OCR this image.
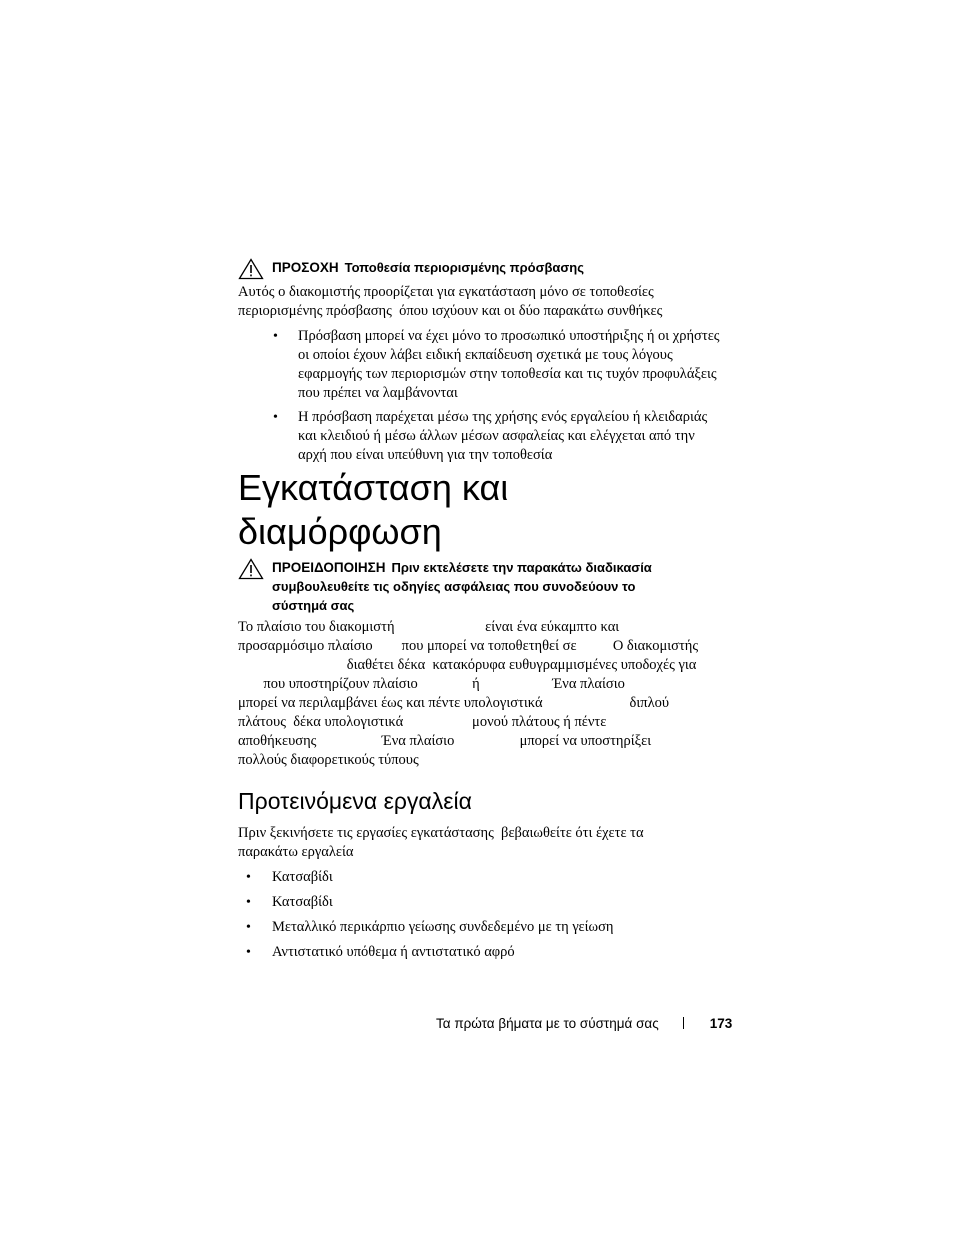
ΠΡΟΣΟΧΗ Τοποθεσία περιορισμένης πρόσβασης
Αυτός ο διακομιστής προορίζεται για εγκατάσταση μόνο σε τοποθεσίες
περιορισμένης πρόσβασης  όπου ισχύουν και οι δύο παρακάτω συνθήκες
• Πρόσβαση μπορεί να έχει μόνο το προσωπικό υποστήριξης ή οι χρήστες
οι οποίοι έχουν λάβει ειδική εκπαίδευση σχετικά με τους λόγους
εφαρμογής των περιορισμών στην τοποθεσία και τις τυχόν προφυλάξεις
που πρέπει να λαμβάνονται
• Η πρόσβαση παρέχεται μέσω της χρήσης ενός εργαλείου ή κλειδαριάς
και κλειδιού ή μέσω άλλων μέσων ασφαλείας και ελέγχεται από την
αρχή που είναι υπεύθυνη για την τοποθεσία
Εγκατάσταση και
διαμόρφωση
ΠΡΟΕΙΔΟΠΟΙΗΣΗ Πριν εκτελέσετε την παρακάτω διαδικασία
συμβουλευθείτε τις οδηγίες ασφάλειας που συνοδεύουν το
σύστημά σας
Το πλαίσιο του διακομιστή                         είναι ένα εύκαμπτο και
προσαρμόσιμο πλαίσιο        που μπορεί να τοποθετηθεί σε          Ο διακομιστής
διαθέτει δέκα  κατακόρυφα ευθυγραμμισμένες υποδοχές για
που υποστηρίζουν πλαίσιο               ή                    Ένα πλαίσιο
μπορεί να περιλαμβάνει έως και πέντε υπολογιστικά                        διπλού
πλάτους  δέκα υπολογιστικά                   μονού πλάτους ή πέντε
αποθήκευσης                  Ένα πλαίσιο                  μπορεί να υποστηρίξει
πολλούς διαφορετικούς τύπους
Προτεινόμενα εργαλεία
Πριν ξεκινήσετε τις εργασίες εγκατάστασης  βεβαιωθείτε ότι έχετε τα
παρακάτω εργαλεία
• Κατσαβίδι
• Κατσαβίδι
• Μεταλλικό περικάρπιο γείωσης συνδεδεμένο με τη γείωση
• Αντιστατικό υπόθεμα ή αντιστατικό αφρό
Τα πρώτα βήματα με το σύστημά σας	173
